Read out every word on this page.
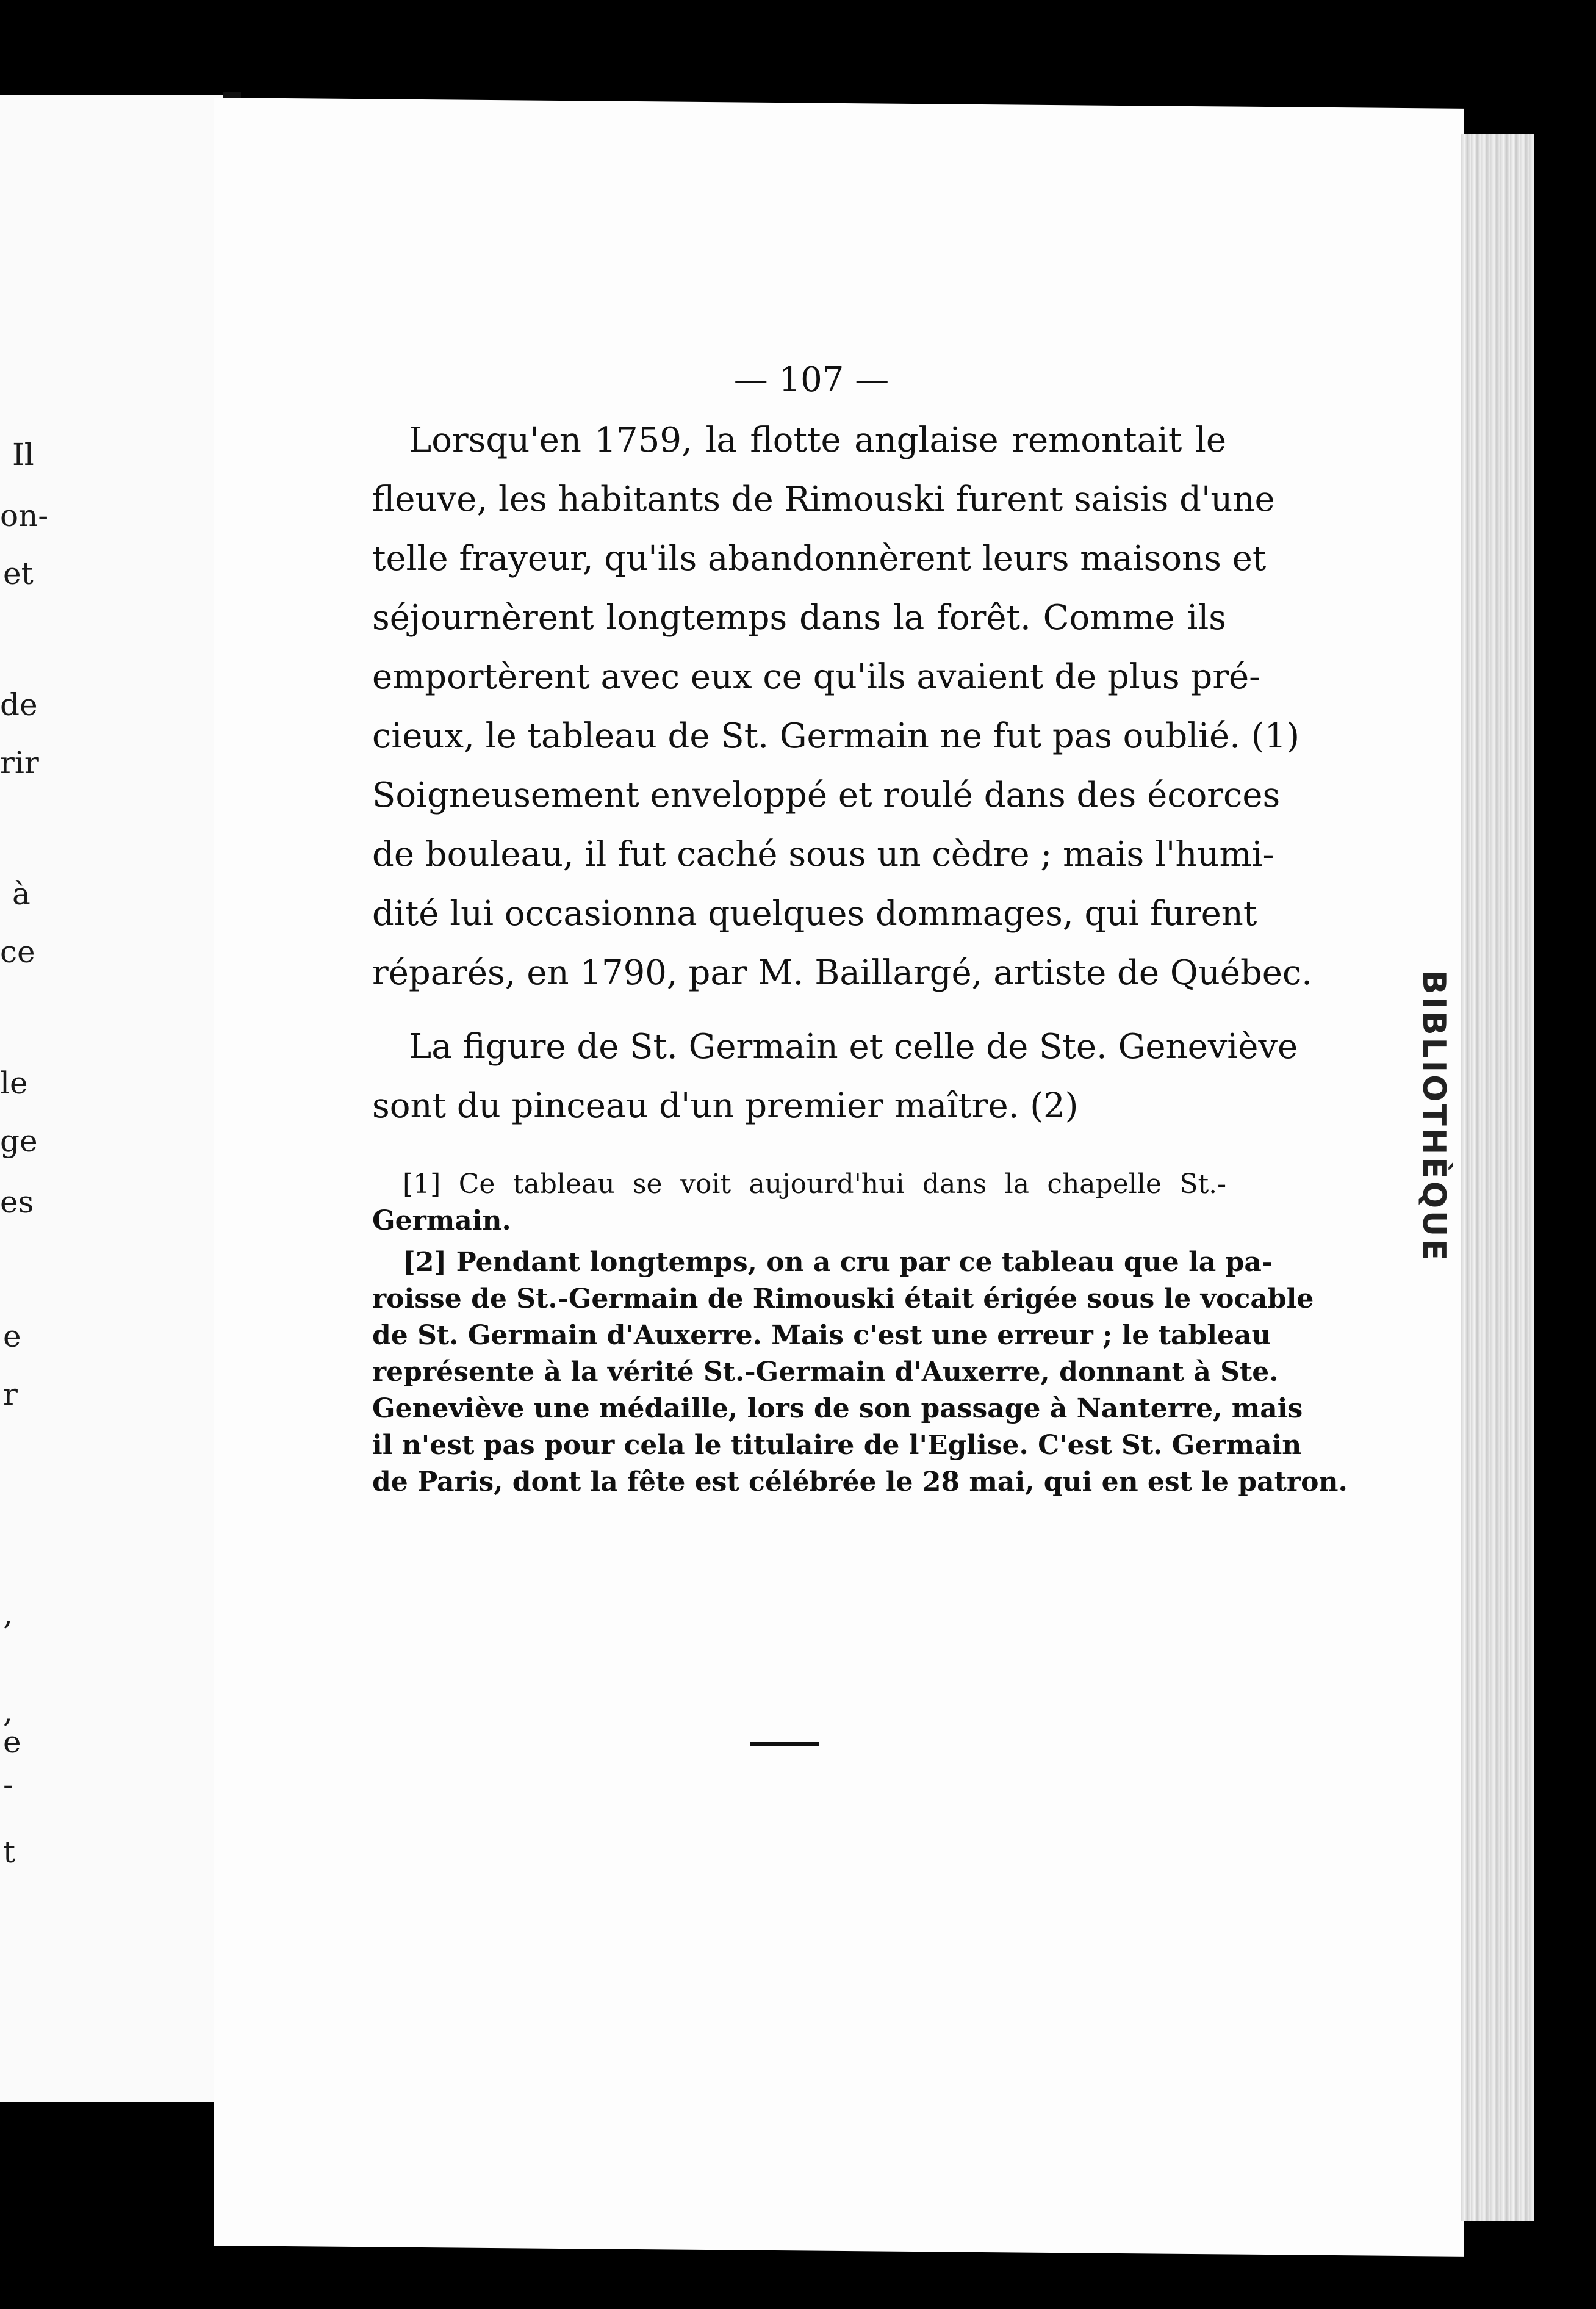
Il
on-
et
de
rir
à
ce
le
ge
es
e
r
,
,
e
-
t
BIBLIOTHÈQUE
— 107 —
Lorsqu'en 1759, la flotte anglaise remontait le
fleuve, les habitants de Rimouski furent saisis d'une
telle frayeur, qu'ils abandonnèrent leurs maisons et
séjournèrent longtemps dans la forêt. Comme ils
emportèrent avec eux ce qu'ils avaient de plus pré-
cieux, le tableau de St. Germain ne fut pas oublié. (1)
Soigneusement enveloppé et roulé dans des écorces
de bouleau, il fut caché sous un cèdre ; mais l'humi-
dité lui occasionna quelques dommages, qui furent
réparés, en 1790, par M. Baillargé, artiste de Québec.
La figure de St. Germain et celle de Ste. Geneviève
sont du pinceau d'un premier maître. (2)
[1] Ce tableau se voit aujourd'hui dans la chapelle St.-
Germain.
[2] Pendant longtemps, on a cru par ce tableau que la pa-
roisse de St.-Germain de Rimouski était érigée sous le vocable
de St. Germain d'Auxerre. Mais c'est une erreur ; le tableau
représente à la vérité St.-Germain d'Auxerre, donnant à Ste.
Geneviève une médaille, lors de son passage à Nanterre, mais
il n'est pas pour cela le titulaire de l'Eglise. C'est St. Germain
de Paris, dont la fête est célébrée le 28 mai, qui en est le patron.
